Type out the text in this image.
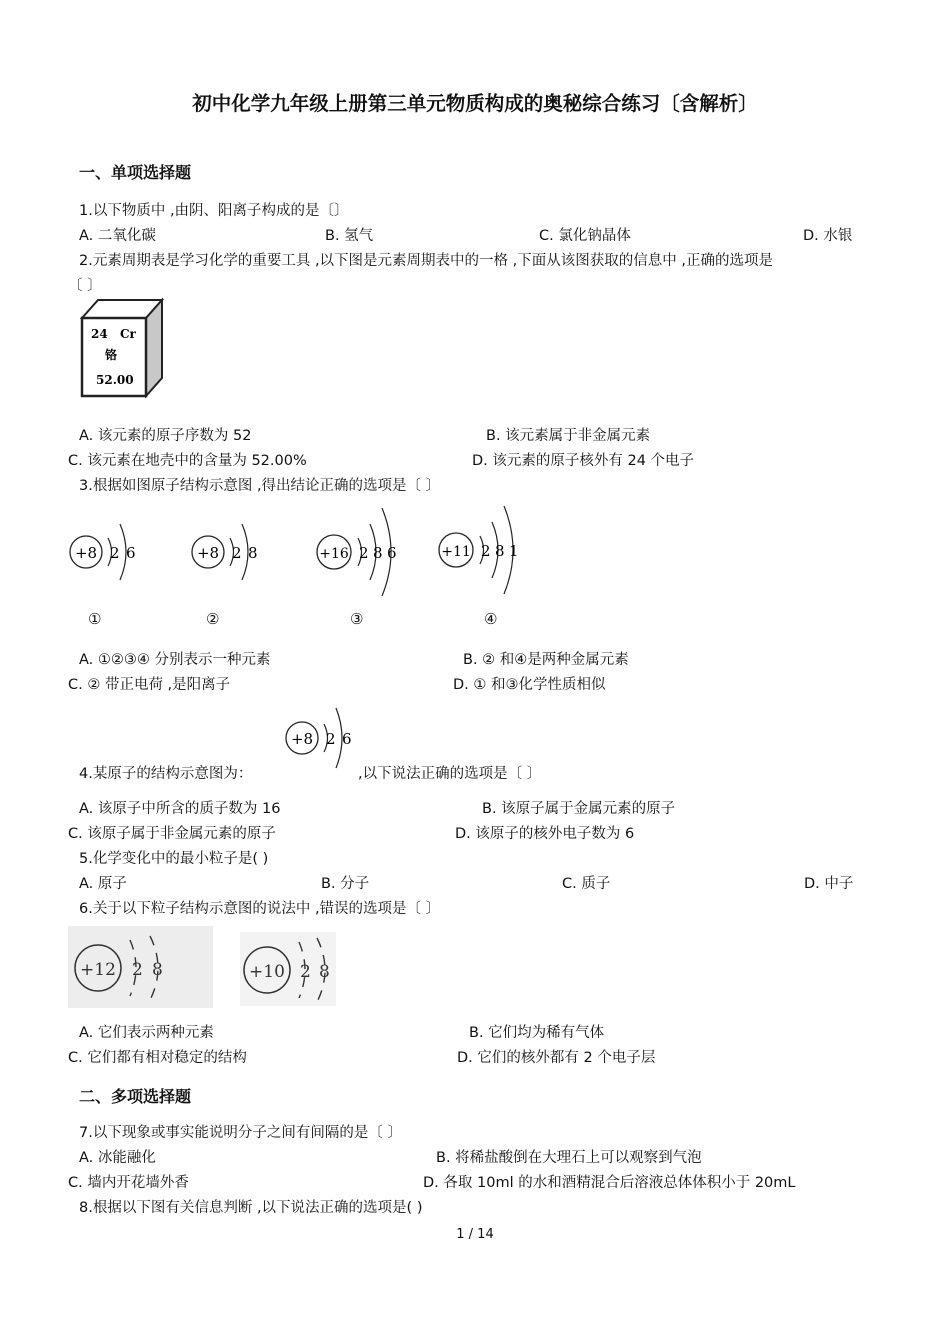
初中化学九年级上册第三单元物质构成的奥秘综合练习〔含解析〕
一、单项选择题
1.以下物质中 ,由阴、阳离子构成的是〔〕
A. 二氧化碳	B. 氢气	C. 氯化钠晶体	D. 水银
2.元素周期表是学习化学的重要工具 ,以下图是元素周期表中的一格 ,下面从该图获取的信息中 ,正确的选项是
〔 〕
24 Cr
铬
52.00
A. 该元素的原子序数为 52	B. 该元素属于非金属元素
C. 该元素在地壳中的含量为 52.00%	D. 该元素的原子核外有 24 个电子
3.根据如图原子结构示意图 ,得出结论正确的选项是〔 〕
+8 2 6
①
+8 2 8
②
+16 2 8 6
③
+11 2 8 1
④
A. ①②③④ 分别表示一种元素	B. ② 和④是两种金属元素
C. ② 带正电荷 ,是阳离子	D. ① 和③化学性质相似
+8 2 6
4.某原子的结构示意图为：	,以下说法正确的选项是〔 〕
A. 该原子中所含的质子数为 16	B. 该原子属于金属元素的原子
C. 该原子属于非金属元素的原子	D. 该原子的核外电子数为 6
5.化学变化中的最小粒子是( )
A. 原子	B. 分子	C. 质子	D. 中子
6.关于以下粒子结构示意图的说法中 ,错误的选项是〔 〕
+12 2 8	+10 2 8
A. 它们表示两种元素	B. 它们均为稀有气体
C. 它们都有相对稳定的结构	D. 它们的核外都有 2 个电子层
二、多项选择题
7.以下现象或事实能说明分子之间有间隔的是〔 〕
A. 冰能融化	B. 将稀盐酸倒在大理石上可以观察到气泡
C. 墙内开花墙外香	D. 各取 10ml 的水和酒精混合后溶液总体体积小于 20mL
8.根据以下图有关信息判断 ,以下说法正确的选项是( )
1 / 14
